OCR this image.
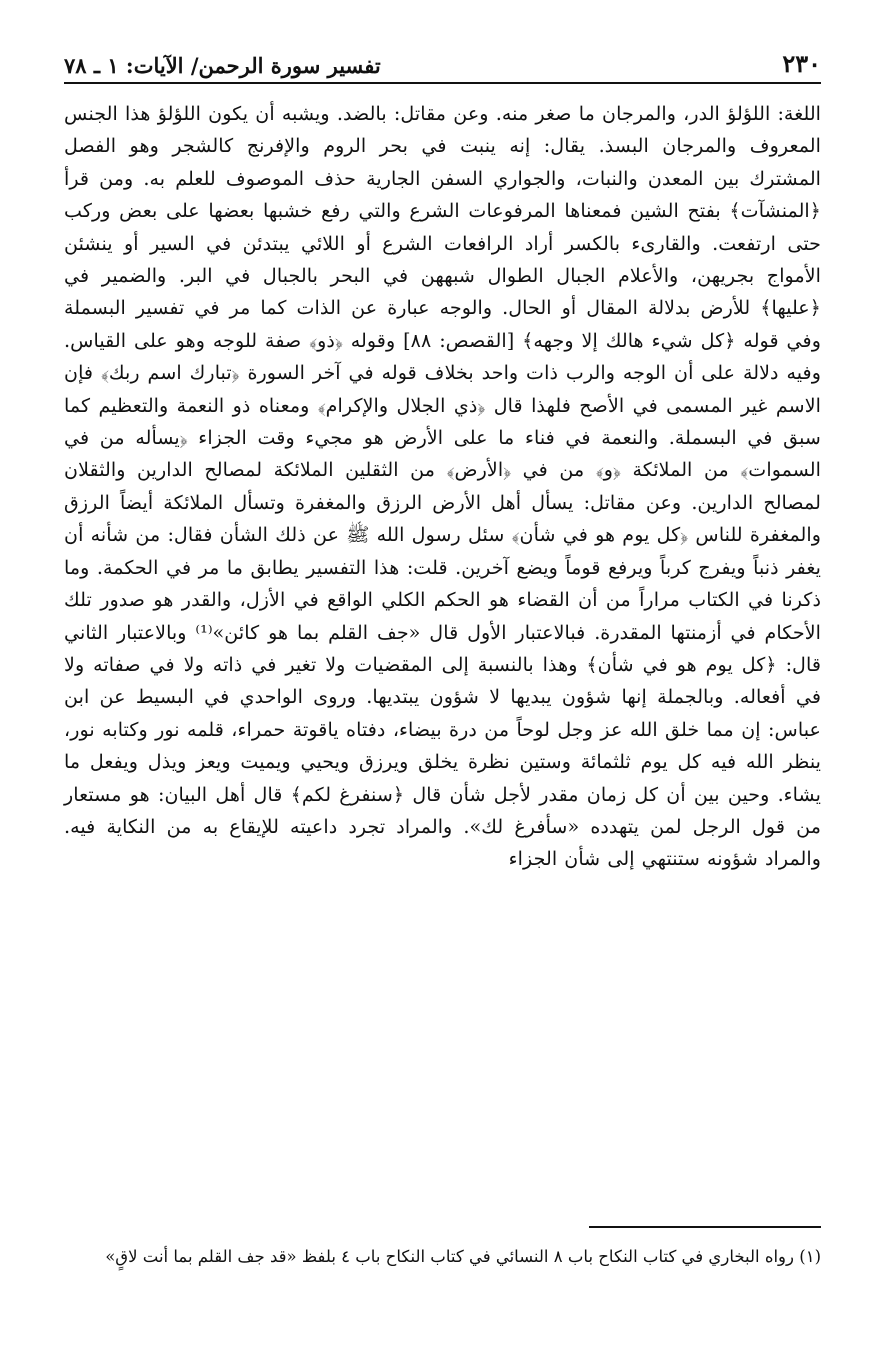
٢٣٠
تفسير سورة الرحمن/ الآيات: ١ ـ ٧٨

اللغة: اللؤلؤ الدر، والمرجان ما صغر منه. وعن مقاتل: بالضد. ويشبه أن يكون اللؤلؤ هذا الجنس المعروف والمرجان البسذ. يقال: إنه ينبت في بحر الروم والإفرنج كالشجر وهو الفصل المشترك بين المعدن والنبات، والجواري السفن الجارية حذف الموصوف للعلم به. ومن قرأ ﴿المنشآت﴾ بفتح الشين فمعناها المرفوعات الشرع والتي رفع خشبها بعضها على بعض وركب حتى ارتفعت. والقارىء بالكسر أراد الرافعات الشرع أو اللائي يبتدئن في السير أو ينشئن الأمواج بجريهن، والأعلام الجبال الطوال شبههن في البحر بالجبال في البر. والضمير في ﴿عليها﴾ للأرض بدلالة المقال أو الحال. والوجه عبارة عن الذات كما مر في تفسير البسملة وفي قوله ﴿كل شيء هالك إلا وجهه﴾ [القصص: ٨٨] وقوله ﴿ذو﴾ صفة للوجه وهو على القياس. وفيه دلالة على أن الوجه والرب ذات واحد بخلاف قوله في آخر السورة ﴿تبارك اسم ربك﴾ فإن الاسم غير المسمى في الأصح فلهذا قال ﴿ذي الجلال والإكرام﴾ ومعناه ذو النعمة والتعظيم كما سبق في البسملة. والنعمة في فناء ما على الأرض هو مجيء وقت الجزاء ﴿يسأله من في السموات﴾ من الملائكة ﴿و﴾ من في ﴿الأرض﴾ من الثقلين الملائكة لمصالح الدارين والثقلان لمصالح الدارين. وعن مقاتل: يسأل أهل الأرض الرزق والمغفرة وتسأل الملائكة أيضاً الرزق والمغفرة للناس ﴿كل يوم هو في شأن﴾ سئل رسول الله ﷺ عن ذلك الشأن فقال: من شأنه أن يغفر ذنباً ويفرج كرباً ويرفع قوماً ويضع آخرين. قلت: هذا التفسير يطابق ما مر في الحكمة. وما ذكرنا في الكتاب مراراً من أن القضاء هو الحكم الكلي الواقع في الأزل، والقدر هو صدور تلك الأحكام في أزمنتها المقدرة. فبالاعتبار الأول قال «جف القلم بما هو كائن»⁽¹⁾ وبالاعتبار الثاني قال: ﴿كل يوم هو في شأن﴾ وهذا بالنسبة إلى المقضيات ولا تغير في ذاته ولا في صفاته ولا في أفعاله. وبالجملة إنها شؤون يبديها لا شؤون يبتديها. وروى الواحدي في البسيط عن ابن عباس: إن مما خلق الله عز وجل لوحاً من درة بيضاء، دفتاه ياقوتة حمراء، قلمه نور وكتابه نور، ينظر الله فيه كل يوم ثلثمائة وستين نظرة يخلق ويرزق ويحيي ويميت ويعز ويذل ويفعل ما يشاء. وحين بين أن كل زمان مقدر لأجل شأن قال ﴿سنفرغ لكم﴾ قال أهل البيان: هو مستعار من قول الرجل لمن يتهدده «سأفرغ لك». والمراد تجرد داعيته للإيقاع به من النكاية فيه. والمراد شؤونه ستنتهي إلى شأن الجزاء

(١) رواه البخاري في كتاب النكاح باب ٨ النسائي في كتاب النكاح باب ٤ بلفظ «قد جف القلم بما أنت لاقٍ»
